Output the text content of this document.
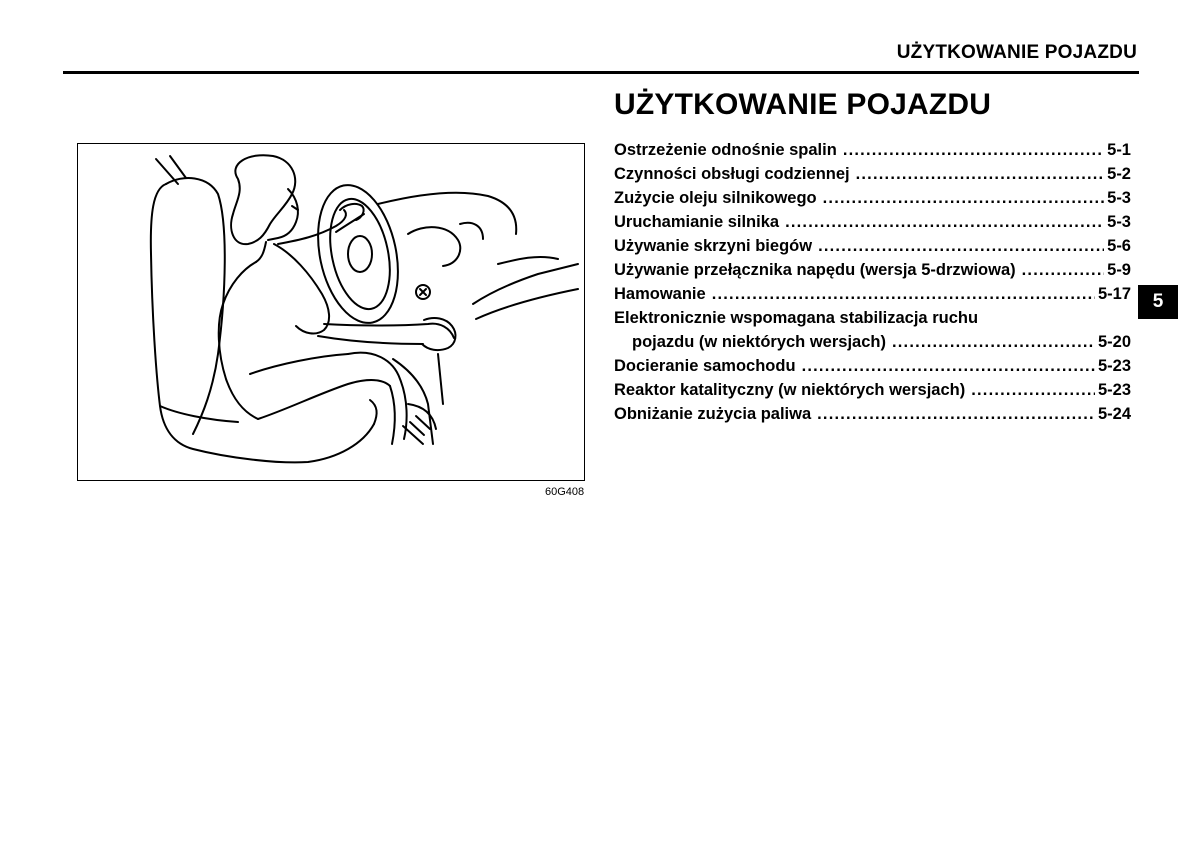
UŻYTKOWANIE POJAZDU
60G408
UŻYTKOWANIE POJAZDU
Ostrzeżenie odnośnie spalin .....	5-1
Czynności obsługi codziennej .....	5-2
Zużycie oleju silnikowego .....	5-3
Uruchamianie silnika .....	5-3
Używanie skrzyni biegów .....	5-6
Używanie przełącznika napędu (wersja 5-drzwiowa) .....	5-9
Hamowanie .....	5-17
Elektronicznie wspomagana stabilizacja ruchu
pojazdu (w niektórych wersjach) .....	5-20
Docieranie samochodu .....	5-23
Reaktor katalityczny (w niektórych wersjach) .....	5-23
Obniżanie zużycia paliwa .....	5-24
5
